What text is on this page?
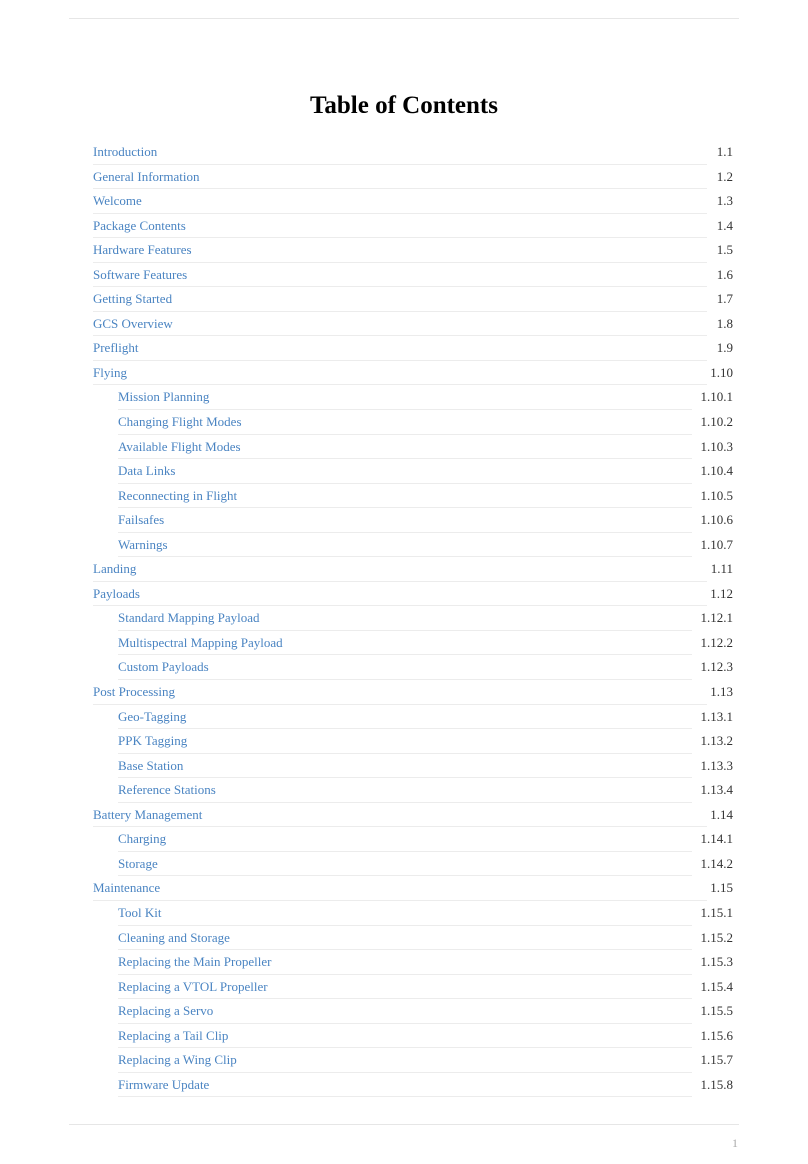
Table of Contents
Introduction	1.1
General Information	1.2
Welcome	1.3
Package Contents	1.4
Hardware Features	1.5
Software Features	1.6
Getting Started	1.7
GCS Overview	1.8
Preflight	1.9
Flying	1.10
Mission Planning	1.10.1
Changing Flight Modes	1.10.2
Available Flight Modes	1.10.3
Data Links	1.10.4
Reconnecting in Flight	1.10.5
Failsafes	1.10.6
Warnings	1.10.7
Landing	1.11
Payloads	1.12
Standard Mapping Payload	1.12.1
Multispectral Mapping Payload	1.12.2
Custom Payloads	1.12.3
Post Processing	1.13
Geo-Tagging	1.13.1
PPK Tagging	1.13.2
Base Station	1.13.3
Reference Stations	1.13.4
Battery Management	1.14
Charging	1.14.1
Storage	1.14.2
Maintenance	1.15
Tool Kit	1.15.1
Cleaning and Storage	1.15.2
Replacing the Main Propeller	1.15.3
Replacing a VTOL Propeller	1.15.4
Replacing a Servo	1.15.5
Replacing a Tail Clip	1.15.6
Replacing a Wing Clip	1.15.7
Firmware Update	1.15.8
1
